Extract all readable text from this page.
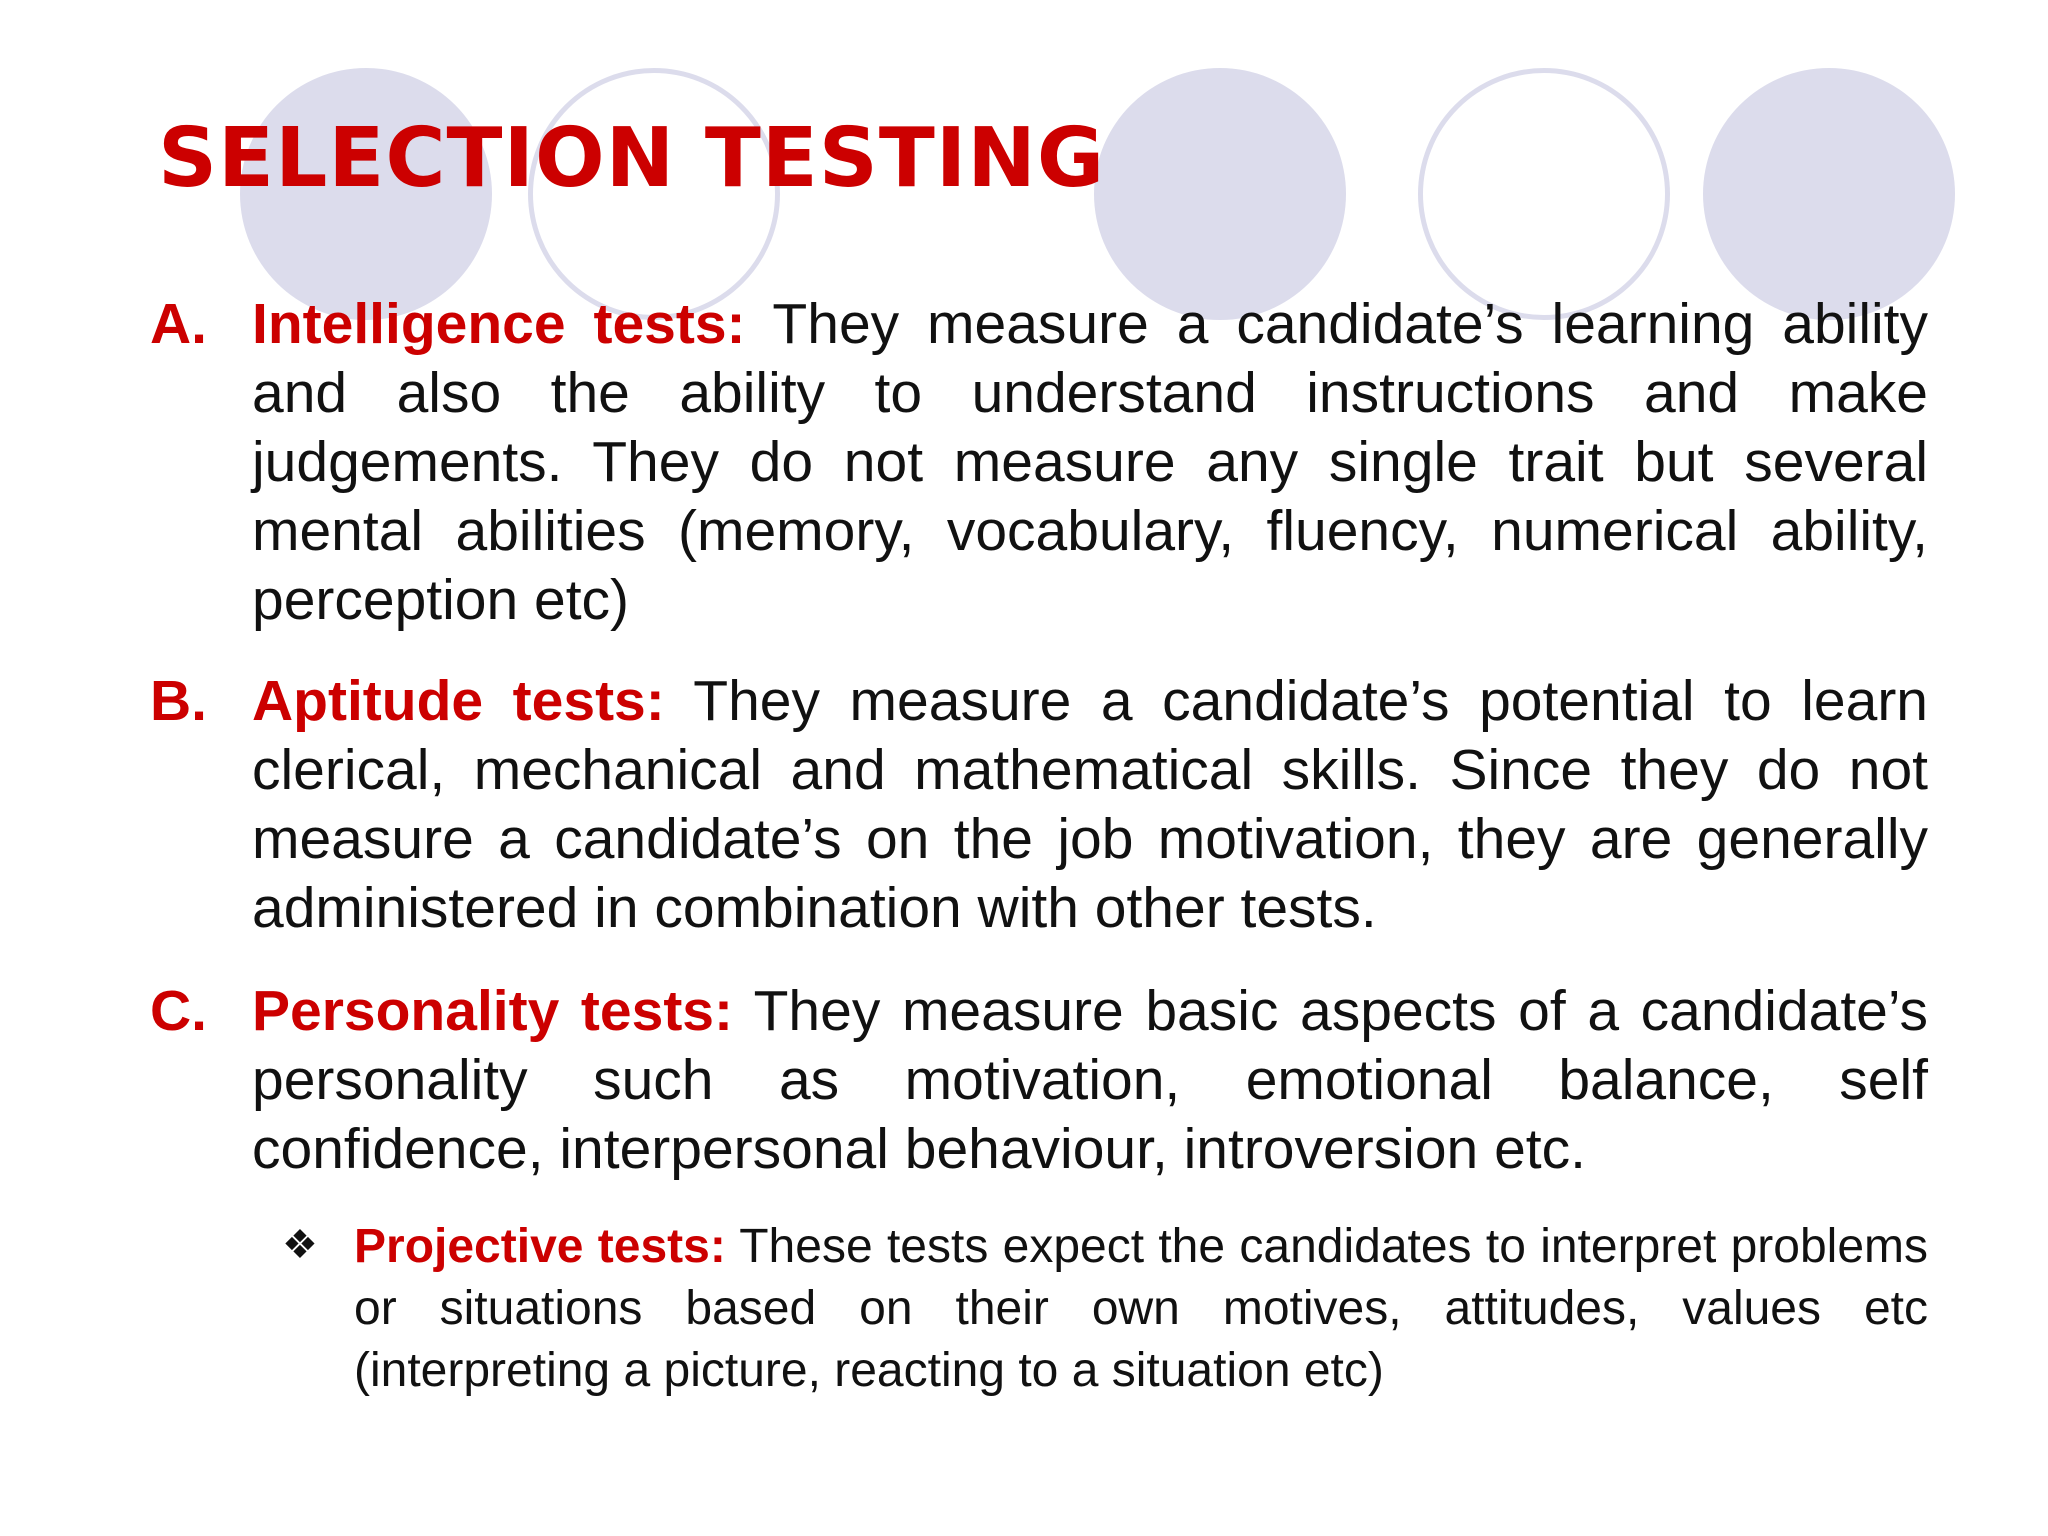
SELECTION TESTING
A. Intelligence tests: They measure a candidate’s learning ability and also the ability to understand instructions and make judgements. They do not measure any single trait but several mental abilities (memory, vocabulary, fluency, numerical ability, perception etc)
B. Aptitude tests: They measure a candidate’s potential to learn clerical, mechanical and mathematical skills. Since they do not measure a candidate’s on the job motivation, they are generally administered in combination with other tests.
C. Personality tests: They measure basic aspects of a candidate’s personality such as motivation, emotional balance, self confidence, interpersonal behaviour, introversion etc.
❖ Projective tests: These tests expect the candidates to interpret problems or situations based on their own motives, attitudes, values etc (interpreting a picture, reacting to a situation etc)
